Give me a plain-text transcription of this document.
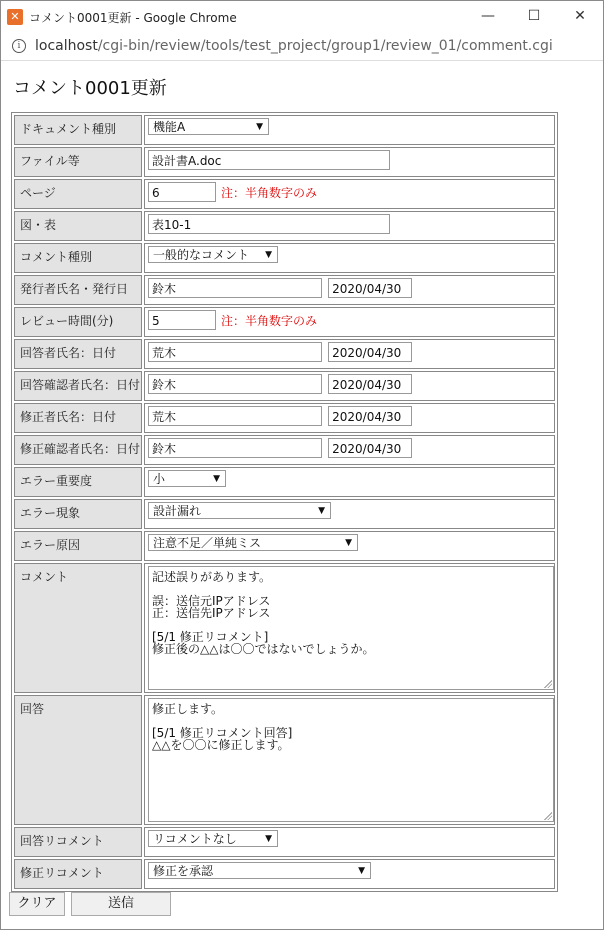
✕ コメント0001更新 - Google Chrome	—	☐	✕
i	localhost/cgi-bin/review/tools/test_project/group1/review_01/comment.cgi
コメント0001更新
ドキュメント種別	機能A ▼

ファイル等	設計書A.doc
ページ	6 注：半角数字のみ
図・表	表10-1
コメント種別	一般的なコメント ▼

発行者氏名・発行日	鈴木 2020/04/30
レビュー時間(分)	5 注：半角数字のみ
回答者氏名：日付	荒木 2020/04/30
回答確認者氏名：日付	鈴木 2020/04/30
修正者氏名：日付	荒木 2020/04/30
修正確認者氏名：日付	鈴木 2020/04/30
エラー重要度	小 ▼

エラー現象	設計漏れ ▼

エラー原因	注意不足／単純ミス ▼

コメント	記述誤りがあります。

誤：送信元IPアドレス
正：送信先IPアドレス

[5/1 修正リコメント]
修正後の△△は〇〇ではないでしょうか。

回答	修正します。

[5/1 修正リコメント回答]
△△を〇〇に修正します。

回答リコメント	リコメントなし ▼

修正リコメント	修正を承認 ▼
クリア	送信
